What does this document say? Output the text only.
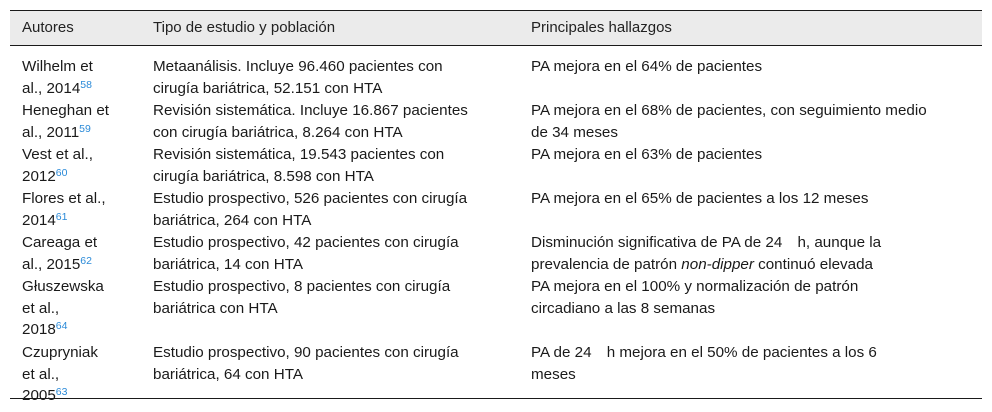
Autores	Tipo de estudio y población	Principales hallazgos
Wilhelm et
al., 2014$^{58}$
Metaanálisis. Incluye 96.460 pacientes con
cirugía bariátrica, 52.151 con HTA
PA mejora en el 64% de pacientes
Heneghan et
al., 2011$^{59}$
Revisión sistemática. Incluye 16.867 pacientes
con cirugía bariátrica, 8.264 con HTA
PA mejora en el 68% de pacientes, con seguimiento medio
de 34 meses
Vest et al.,
2012$^{60}$
Revisión sistemática, 19.543 pacientes con
cirugía bariátrica, 8.598 con HTA
PA mejora en el 63% de pacientes
Flores et al.,
2014$^{61}$
Estudio prospectivo, 526 pacientes con cirugía
bariátrica, 264 con HTA
PA mejora en el 65% de pacientes a los 12 meses
Careaga et
al., 2015$^{62}$
Estudio prospectivo, 42 pacientes con cirugía
bariátrica, 14 con HTA
Disminución significativa de PA de 24 h, aunque la
prevalencia de patrón non-dipper continuó elevada
Głuszewska
et al.,
2018$^{64}$
Estudio prospectivo, 8 pacientes con cirugía
bariátrica con HTA
PA mejora en el 100% y normalización de patrón
circadiano a las 8 semanas
Czupryniak
et al.,
2005$^{63}$
Estudio prospectivo, 90 pacientes con cirugía
bariátrica, 64 con HTA
PA de 24 h mejora en el 50% de pacientes a los 6
meses
